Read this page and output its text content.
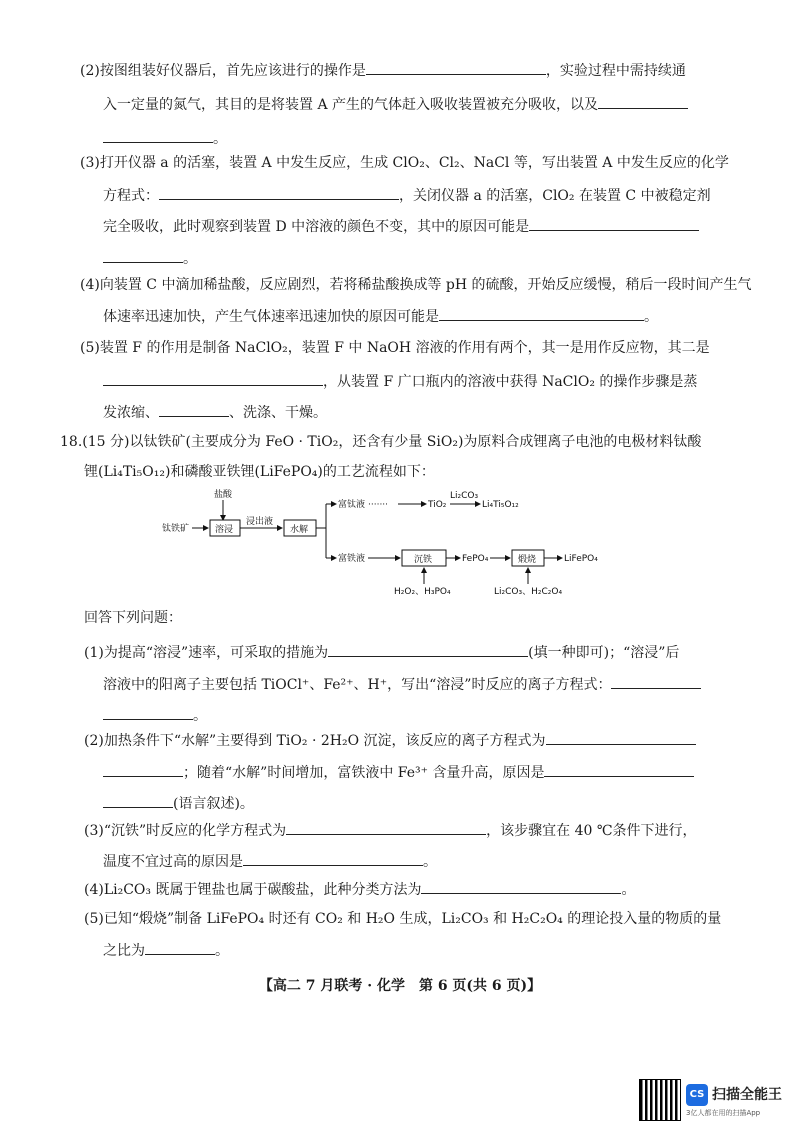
(2)按图组装好仪器后，首先应该进行的操作是	，实验过程中需持续通
入一定量的氮气，其目的是将装置 A 产生的气体赶入吸收装置被充分吸收，以及
。
(3)打开仪器 a 的活塞，装置 A 中发生反应，生成 ClO₂、Cl₂、NaCl 等，写出装置 A 中发生反应的化学
方程式：	，关闭仪器 a 的活塞，ClO₂ 在装置 C 中被稳定剂
完全吸收，此时观察到装置 D 中溶液的颜色不变，其中的原因可能是
。
(4)向装置 C 中滴加稀盐酸，反应剧烈，若将稀盐酸换成等 pH 的硫酸，开始反应缓慢，稍后一段时间产生气
体速率迅速加快，产生气体速率迅速加快的原因可能是	。
(5)装置 F 的作用是制备 NaClO₂，装置 F 中 NaOH 溶液的作用有两个，其一是用作反应物，其二是
，从装置 F 广口瓶内的溶液中获得 NaClO₂ 的操作步骤是蒸
发浓缩、	、洗涤、干燥。
18.(15 分)以钛铁矿(主要成分为 FeO · TiO₂，还含有少量 SiO₂)为原料合成锂离子电池的电极材料钛酸
锂(Li₄Ti₅O₁₂)和磷酸亚铁锂(LiFePO₄)的工艺流程如下：
盐酸
钛铁矿	溶浸
浸出液
水解
富钛液 ·······	TiO₂
Li₂CO₃
Li₄Ti₅O₁₂
富铁液	沉铁
H₂O₂、H₃PO₄
FePO₄	煅烧
Li₂CO₃、H₂C₂O₄
LiFePO₄
回答下列问题：
(1)为提高“溶浸”速率，可采取的措施为	(填一种即可)；“溶浸”后
溶液中的阳离子主要包括 TiOCl⁺、Fe²⁺、H⁺，写出“溶浸”时反应的离子方程式：
。
(2)加热条件下“水解”主要得到 TiO₂ · 2H₂O 沉淀，该反应的离子方程式为
；随着“水解”时间增加，富铁液中 Fe³⁺ 含量升高，原因是
(语言叙述)。
(3)“沉铁”时反应的化学方程式为	，该步骤宜在 40 ℃条件下进行，
温度不宜过高的原因是	。
(4)Li₂CO₃ 既属于锂盐也属于碳酸盐，此种分类方法为	。
(5)已知“煅烧”制备 LiFePO₄ 时还有 CO₂ 和 H₂O 生成，Li₂CO₃ 和 H₂C₂O₄ 的理论投入量的物质的量
之比为	。
【高二 7 月联考 · 化学　第 6 页(共 6 页)】
CS 扫描全能王
3亿人都在用的扫描App
